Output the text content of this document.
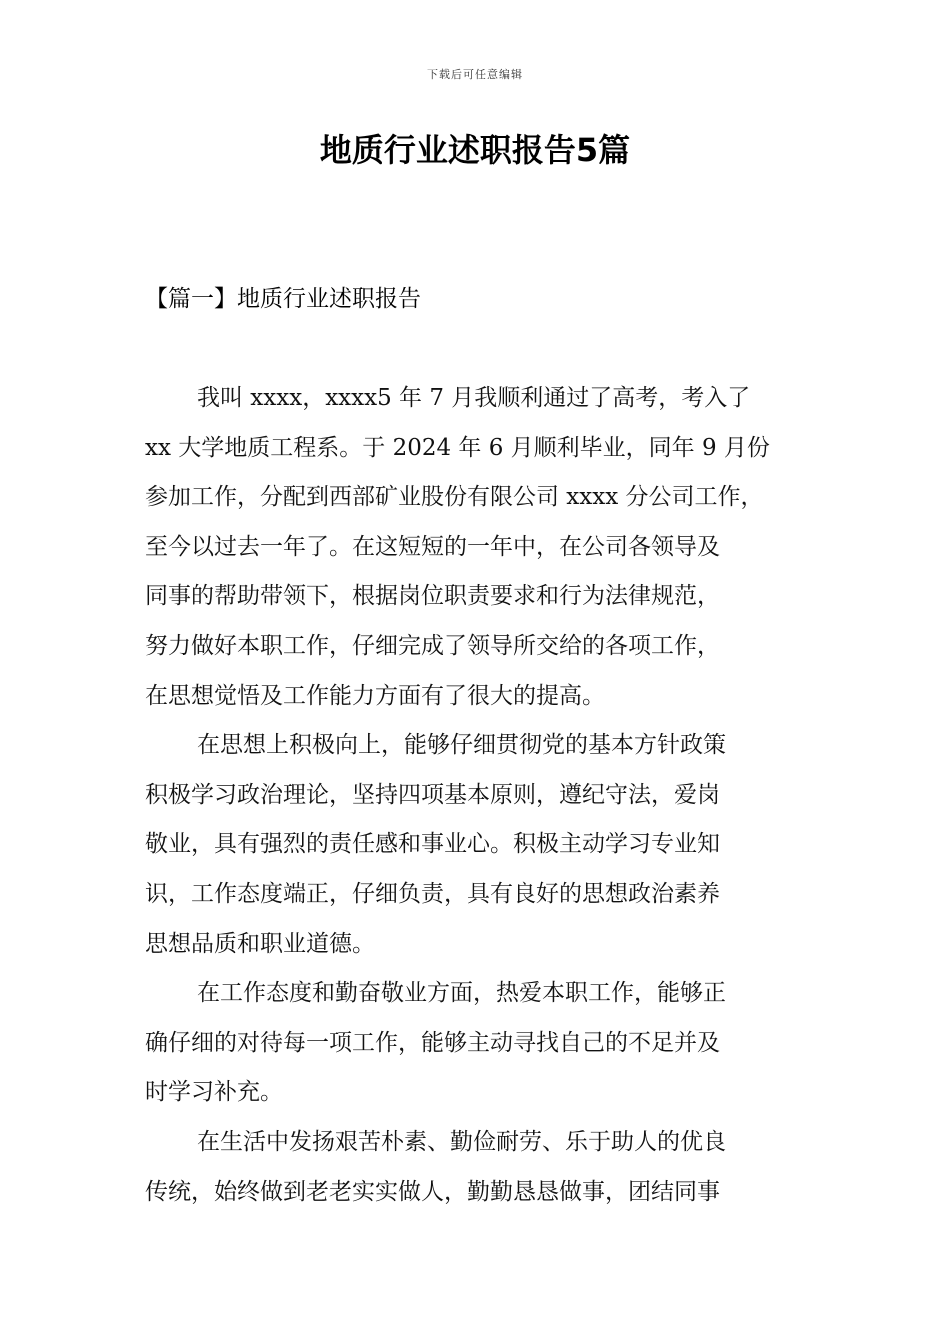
下载后可任意编辑
地质行业述职报告5篇
【篇一】地质行业述职报告

我叫 xxxx，xxxx5 年 7 月我顺利通过了高考，考入了
xx 大学地质工程系。于 2024 年 6 月顺利毕业，同年 9 月份
参加工作，分配到西部矿业股份有限公司 xxxx 分公司工作，
至今以过去一年了。在这短短的一年中，在公司各领导及
同事的帮助带领下，根据岗位职责要求和行为法律规范，
努力做好本职工作，仔细完成了领导所交给的各项工作，
在思想觉悟及工作能力方面有了很大的提高。

在思想上积极向上，能够仔细贯彻党的基本方针政策
积极学习政治理论，坚持四项基本原则，遵纪守法，爱岗
敬业，具有强烈的责任感和事业心。积极主动学习专业知
识，工作态度端正，仔细负责，具有良好的思想政治素养
思想品质和职业道德。

在工作态度和勤奋敬业方面，热爱本职工作，能够正
确仔细的对待每一项工作，能够主动寻找自己的不足并及
时学习补充。

在生活中发扬艰苦朴素、勤俭耐劳、乐于助人的优良
传统，始终做到老老实实做人，勤勤恳恳做事，团结同事
